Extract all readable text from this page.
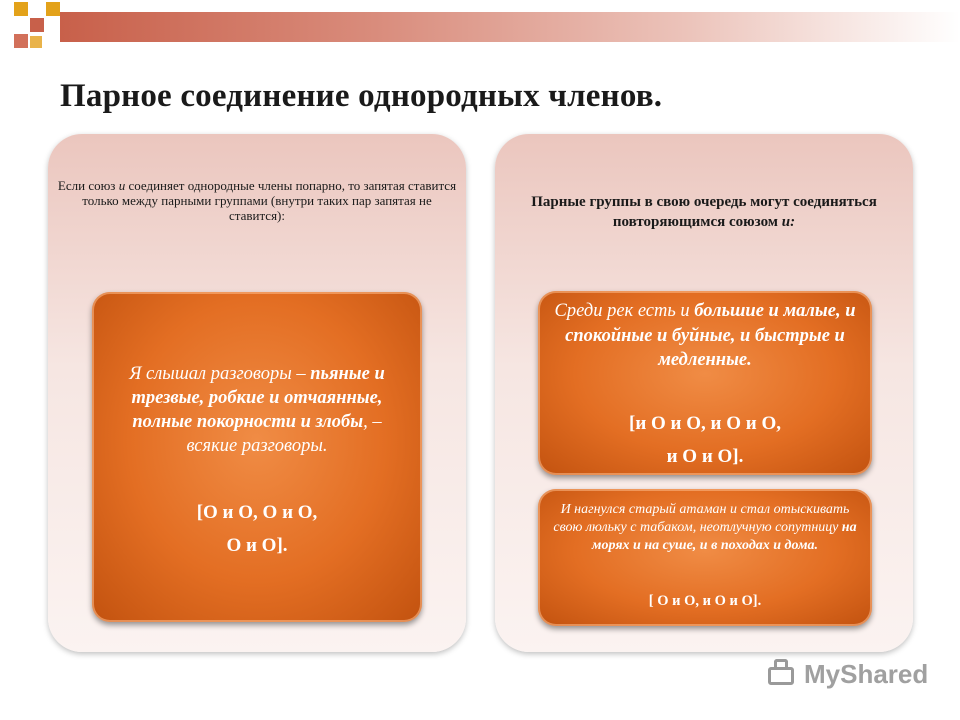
Парное соединение однородных членов.
Если союз и соединяет однородные члены попарно, то запятая ставится только между парными группами (внутри таких пар запятая не ставится):
Я слышал разговоры – пьяные и трезвые, робкие и отчаянные, полные покорности и злобы, – всякие разговоры.
[О и О, О и О,
О и О].
Парные группы в свою очередь могут соединяться повторяющимся союзом и:
Среди рек есть и большие и малые, и спокойные и буйные, и быстрые и медленные.
[и О и О, и О и О,
и О и О].
И нагнулся старый атаман и стал отыскивать свою люльку с табаком, неотлучную сопутницу на морях и на суше, и в походах и дома.
[ О и О, и О и О].
MyShared
